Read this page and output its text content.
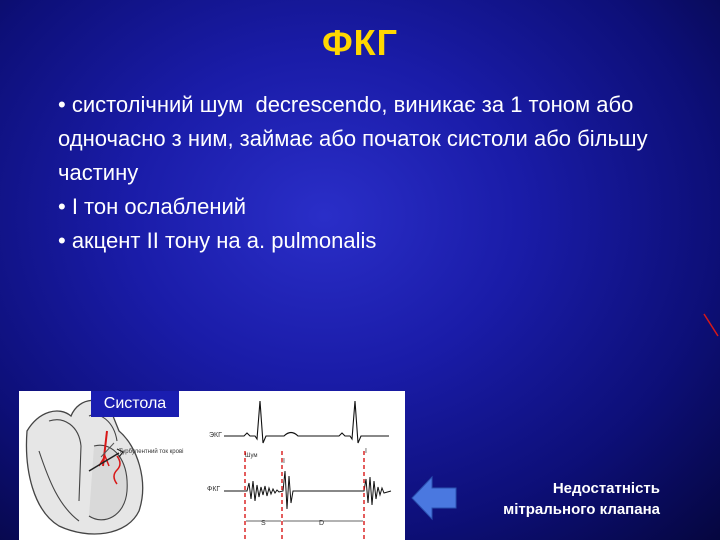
ФКГ
• систолічний шум  decrescendo, виникає за 1 тоном або одночасно з ним, займає або початок систоли або більшу частину
• І тон ослаблений
• акцент ІІ тону на a. pulmonalis
Турбулентний ток крові
ЭКГ
ФКГ
Шум
II
I
S	D
Систола
Недостатність
мітрального клапана
